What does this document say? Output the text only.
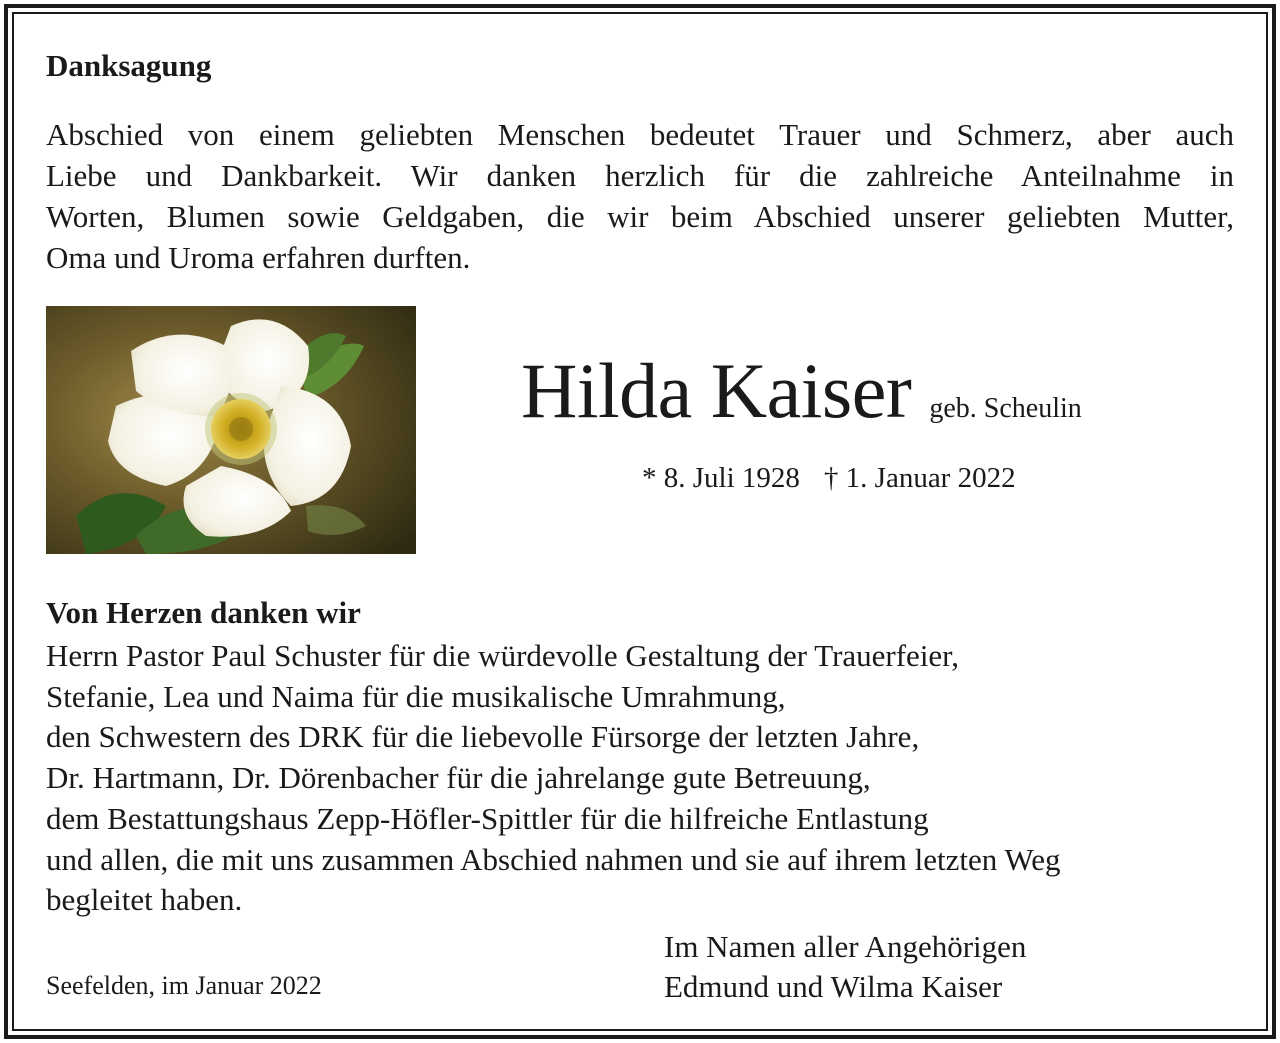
Danksagung
Abschied von einem geliebten Menschen bedeutet Trauer und Schmerz, aber auch
Liebe und Dankbarkeit. Wir danken herzlich für die zahlreiche Anteilnahme in
Worten, Blumen sowie Geldgaben, die wir beim Abschied unserer geliebten Mutter,
Oma und Uroma erfahren durften.
Hilda Kaiser geb. Scheulin
* 8. Juli 1928 † 1. Januar 2022
Von Herzen danken wir
Herrn Pastor Paul Schuster für die würdevolle Gestaltung der Trauerfeier,
Stefanie, Lea und Naima für die musikalische Umrahmung,
den Schwestern des DRK für die liebevolle Fürsorge der letzten Jahre,
Dr. Hartmann, Dr. Dörenbacher für die jahrelange gute Betreuung,
dem Bestattungshaus Zepp-Höfler-Spittler für die hilfreiche Entlastung
und allen, die mit uns zusammen Abschied nahmen und sie auf ihrem letzten Weg
begleitet haben.
Seefelden, im Januar 2022
Im Namen aller Angehörigen
Edmund und Wilma Kaiser
